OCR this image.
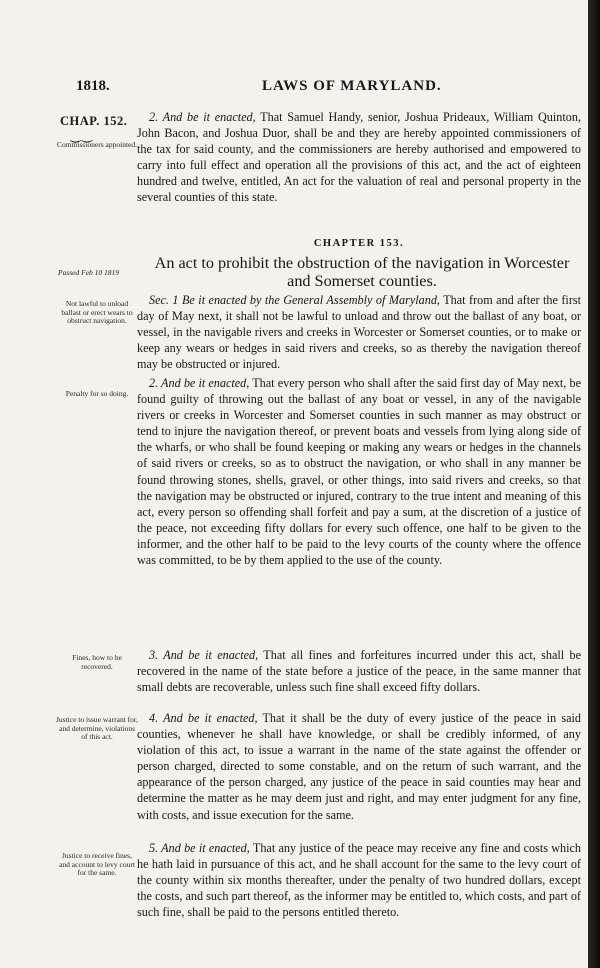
1818.	LAWS OF MARYLAND.
CHAP. 152.
⏝⏝
Commissioners appointed.
Passed Feb 10 1819
Not lawful to unload ballast or erect wears to obstruct navigation.
Penalty for so doing.
Fines, how to be recovered.
Justice to issue warrant for, and determine, violations of this act.
Justice to receive fines, and account to levy court for the same.
2. And be it enacted, That Samuel Handy, senior, Joshua Prideaux, William Quinton, John Bacon, and Joshua Duor, shall be and they are hereby appointed commissioners of the tax for said county, and the commissioners are hereby authorised and empowered to carry into full effect and operation all the provisions of this act, and the act of eighteen hundred and twelve, entitled, An act for the valuation of real and personal property in the several counties of this state.
CHAPTER 153.
An act to prohibit the obstruction of the navigation in Worcester and Somerset counties.
Sec. 1 Be it enacted by the General Assembly of Maryland, That from and after the first day of May next, it shall not be lawful to unload and throw out the ballast of any boat, or vessel, in the navigable rivers and creeks in Worcester or Somerset counties, or to make or keep any wears or hedges in said rivers and creeks, so as thereby the navigation thereof may be obstructed or injured.
2. And be it enacted, That every person who shall after the said first day of May next, be found guilty of throwing out the ballast of any boat or vessel, in any of the navigable rivers or creeks in Worcester and Somerset counties in such manner as may obstruct or tend to injure the navigation thereof, or prevent boats and vessels from lying along side of the wharfs, or who shall be found keeping or making any wears or hedges in the channels of said rivers or creeks, so as to obstruct the navigation, or who shall in any manner be found throwing stones, shells, gravel, or other things, into said rivers and creeks, so that the navigation may be obstructed or injured, contrary to the true intent and meaning of this act, every person so offending shall forfeit and pay a sum, at the discretion of a justice of the peace, not exceeding fifty dollars for every such offence, one half to be given to the informer, and the other half to be paid to the levy courts of the county where the offence was committed, to be by them applied to the use of the county.
3. And be it enacted, That all fines and forfeitures incurred under this act, shall be recovered in the name of the state before a justice of the peace, in the same manner that small debts are recoverable, unless such fine shall exceed fifty dollars.
4. And be it enacted, That it shall be the duty of every justice of the peace in said counties, whenever he shall have knowledge, or shall be credibly informed, of any violation of this act, to issue a warrant in the name of the state against the offender or person charged, directed to some constable, and on the return of such warrant, and the appearance of the person charged, any justice of the peace in said counties may hear and determine the matter as he may deem just and right, and may enter judgment for any fine, with costs, and issue execution for the same.
5. And be it enacted, That any justice of the peace may receive any fine and costs which he hath laid in pursuance of this act, and he shall account for the same to the levy court of the county within six months thereafter, under the penalty of two hundred dollars, except the costs, and such part thereof, as the informer may be entitled to, which costs, and part of such fine, shall be paid to the persons entitled thereto.
